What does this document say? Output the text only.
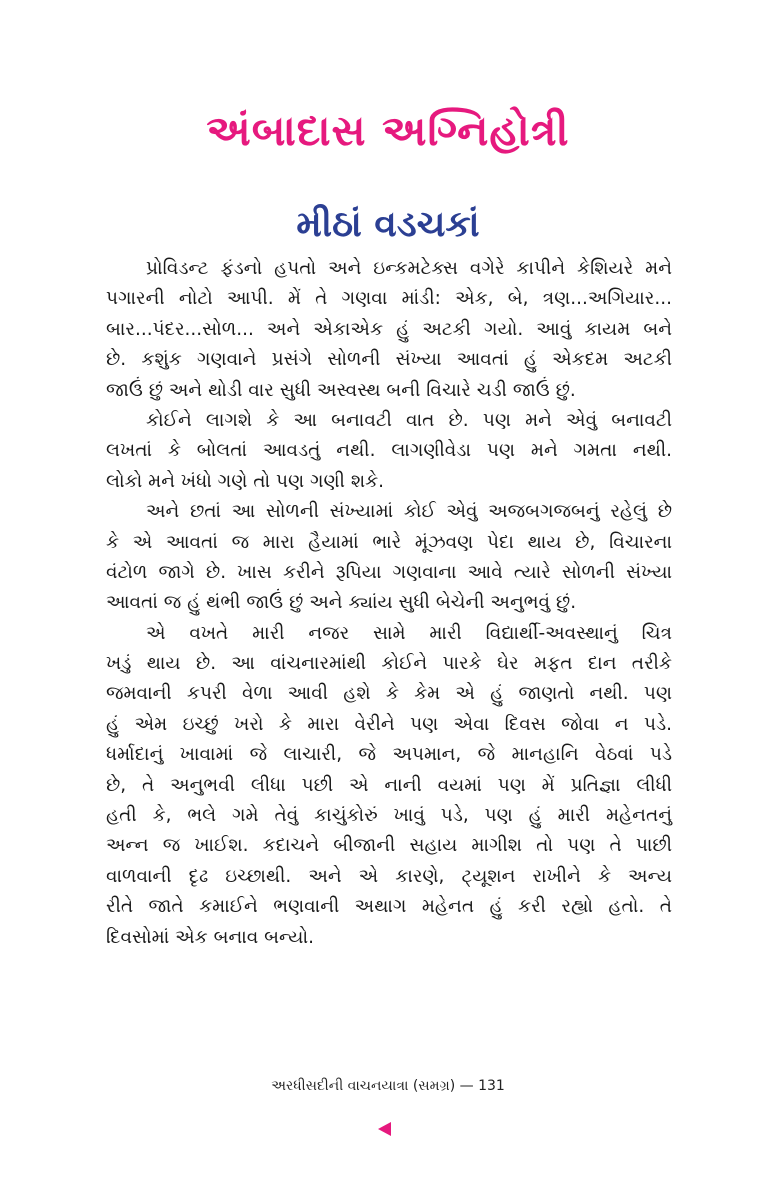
અંબાદાસ અગ્નિહોત્રી
મીઠાં વડચકાં

પ્રોવિડન્ટ ફંડનો હપતો અને ઇન્કમટેક્સ વગેરે કાપીને કેશિયરે મને
પગારની નોટો આપી. મેં તે ગણવા માંડી: એક, બે, ત્રણ...અગિયાર...
બાર...પંદર...સોળ... અને એકાએક હું અટકી ગયો. આવું કાયમ બને
છે. કશુંક ગણવાને પ્રસંગે સોળની સંખ્યા આવતાં હું એકદમ અટકી
જાઉં છું અને થોડી વાર સુધી અસ્વસ્થ બની વિચારે ચડી જાઉં છું.

કોઈને લાગશે કે આ બનાવટી વાત છે. પણ મને એવું બનાવટી
લખતાં કે બોલતાં આવડતું નથી. લાગણીવેડા પણ મને ગમતા નથી.
લોકો મને ખંધો ગણે તો પણ ગણી શકે.

અને છતાં આ સોળની સંખ્યામાં કોઈ એવું અજબગજબનું રહેલું છે
કે એ આવતાં જ મારા હૈયામાં ભારે મૂંઝવણ પેદા થાય છે, વિચારના
વંટોળ જાગે છે. ખાસ કરીને રૂપિયા ગણવાના આવે ત્યારે સોળની સંખ્યા
આવતાં જ હું થંભી જાઉં છું અને ક્યાંય સુધી બેચેની અનુભવું છું.

એ વખતે મારી નજર સામે મારી વિદ્યાર્થી-અવસ્થાનું ચિત્ર
ખડું થાય છે. આ વાંચનારમાંથી કોઈને પારકે ઘેર મફત દાન તરીકે
જમવાની કપરી વેળા આવી હશે કે કેમ એ હું જાણતો નથી. પણ
હું એમ ઇચ્છું ખરો કે મારા વેરીને પણ એવા દિવસ જોવા ન પડે.
ધર્માદાનું ખાવામાં જે લાચારી, જે અપમાન, જે માનહાનિ વેઠવાં પડે
છે, તે અનુભવી લીધા પછી એ નાની વયમાં પણ મેં પ્રતિજ્ઞા લીધી
હતી કે, ભલે ગમે તેવું કાચુંકોરું ખાવું પડે, પણ હું મારી મહેનતનું
અન્ન જ ખાઈશ. કદાચને બીજાની સહાય માગીશ તો પણ તે પાછી
વાળવાની દૃઢ ઇચ્છાથી. અને એ કારણે, ટ્યૂશન રાખીને કે અન્ય
રીતે જાતે કમાઈને ભણવાની અથાગ મહેનત હું કરી રહ્યો હતો. તે
દિવસોમાં એક બનાવ બન્યો.

અરધીસદીની વાચનયાત્રા (સમગ્ર) — 131
